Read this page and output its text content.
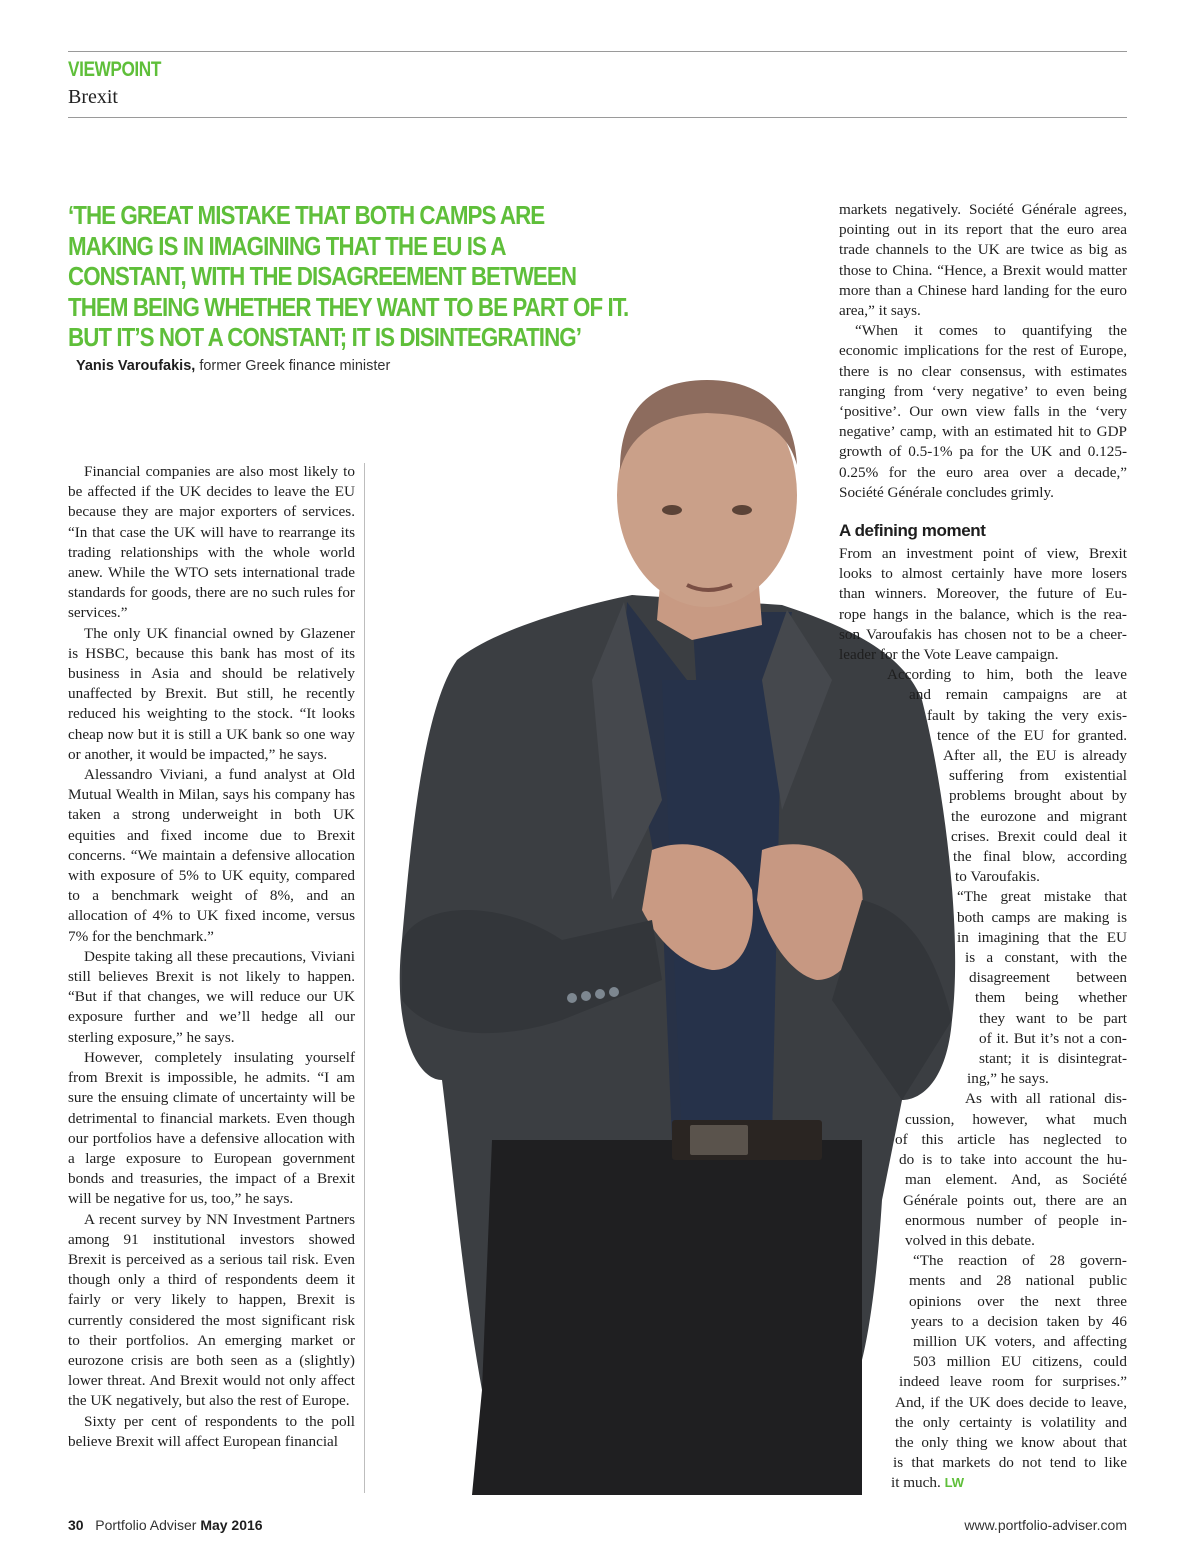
VIEWPOINT
Brexit
‘THE GREAT MISTAKE THAT BOTH CAMPS ARE
MAKING IS IN IMAGINING THAT THE EU IS A
CONSTANT, WITH THE DISAGREEMENT BETWEEN
THEM BEING WHETHER THEY WANT TO BE PART OF IT.
BUT IT’S NOT A CONSTANT; IT IS DISINTEGRATING’
Yanis Varoufakis, former Greek finance minister

Financial companies are also most likely to be affected if the UK decides to leave the EU because they are major exporters of services. “In that case the UK will have to rearrange its trading relationships with the whole world anew. While the WTO sets international trade standards for goods, there are no such rules for services.”

The only UK financial owned by Glazener is HSBC, because this bank has most of its business in Asia and should be relatively unaffected by Brexit. But still, he recently reduced his weighting to the stock. “It looks cheap now but it is still a UK bank so one way or another, it would be impacted,” he says.

Alessandro Viviani, a fund analyst at Old Mutual Wealth in Milan, says his company has taken a strong underweight in both UK equities and fixed income due to Brexit concerns. “We maintain a defensive allocation with exposure of 5% to UK equity, compared to a benchmark weight of 8%, and an allocation of 4% to UK fixed income, versus 7% for the benchmark.”

Despite taking all these precautions, Viviani still believes Brexit is not likely to happen. “But if that changes, we will reduce our UK exposure further and we’ll hedge all our sterling exposure,” he says.

However, completely insulating yourself from Brexit is impossible, he admits. “I am sure the ensuing climate of uncertainty will be detrimental to financial markets. Even though our portfolios have a defensive allocation with a large exposure to European government bonds and treasuries, the impact of a Brexit will be negative for us, too,” he says.

A recent survey by NN Investment Partners among 91 institutional investors showed Brexit is perceived as a serious tail risk. Even though only a third of respondents deem it fairly or very likely to happen, Brexit is currently considered the most significant risk to their portfolios. An emerging market or eurozone crisis are both seen as a (slightly) lower threat. And Brexit would not only affect the UK negatively, but also the rest of Europe.

Sixty per cent of respondents to the poll believe Brexit will affect European financial

markets negatively. Société Générale agrees, pointing out in its report that the euro area trade channels to the UK are twice as big as those to China. “Hence, a Brexit would matter more than a Chinese hard landing for the euro area,” it says.

“When it comes to quantifying the economic implications for the rest of Europe, there is no clear consensus, with estimates ranging from ‘very negative’ to even being ‘positive’. Our own view falls in the ‘very negative’ camp, with an estimated hit to GDP growth of 0.5-1% pa for the UK and 0.125-0.25% for the euro area over a decade,” Société Générale concludes grimly.

A defining moment
From an investment point of view, Brexit
looks to almost certainly have more losers
than winners. Moreover, the future of Eu-
rope hangs in the balance, which is the rea-
son Varoufakis has chosen not to be a cheer-
leader for the Vote Leave campaign.
According to him, both the leave
and remain campaigns are at
fault by taking the very exis-
tence of the EU for granted.
After all, the EU is already
suffering from existential
problems brought about by
the eurozone and migrant
crises. Brexit could deal it
the final blow, according
to Varoufakis.
“The great mistake that
both camps are making is
in imagining that the EU
is a constant, with the
disagreement between
them being whether
they want to be part
of it. But it’s not a con-
stant; it is disintegrat-
ing,” he says.
As with all rational dis-
cussion, however, what much
of this article has neglected to
do is to take into account the hu-
man element. And, as Société
Générale points out, there are an
enormous number of people in-
volved in this debate.
“The reaction of 28 govern-
ments and 28 national public
opinions over the next three
years to a decision taken by 46
million UK voters, and affecting
503 million EU citizens, could
indeed leave room for surprises.”
And, if the UK does decide to leave,
the only certainty is volatility and
the only thing we know about that
is that markets do not tend to like
it much. LW
30 Portfolio Adviser May 2016	www.portfolio-adviser.com
